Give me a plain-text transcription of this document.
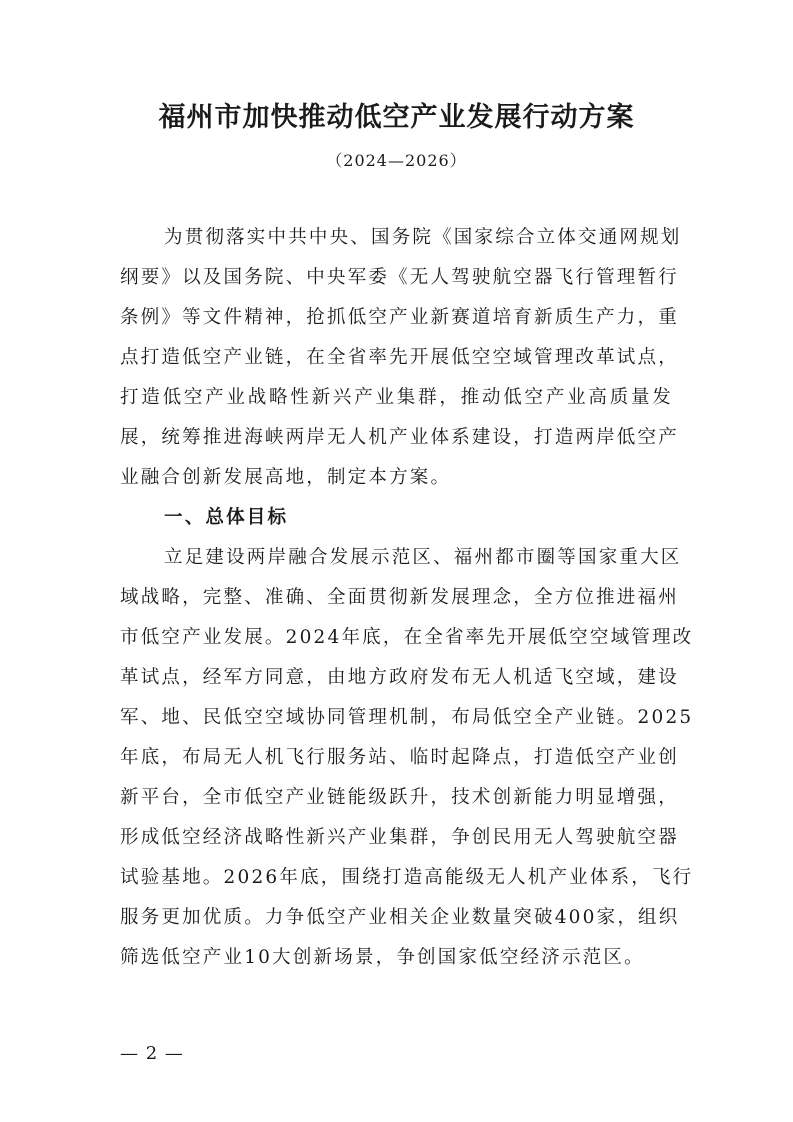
福州市加快推动低空产业发展行动方案
（2024—2026）
为贯彻落实中共中央、国务院《国家综合立体交通网规划
纲要》以及国务院、中央军委《无人驾驶航空器飞行管理暂行
条例》等文件精神，抢抓低空产业新赛道培育新质生产力，重
点打造低空产业链，在全省率先开展低空空域管理改革试点，
打造低空产业战略性新兴产业集群，推动低空产业高质量发
展，统筹推进海峡两岸无人机产业体系建设，打造两岸低空产
业融合创新发展高地，制定本方案。
一、总体目标
立足建设两岸融合发展示范区、福州都市圈等国家重大区
域战略，完整、准确、全面贯彻新发展理念，全方位推进福州
市低空产业发展。2024年底，在全省率先开展低空空域管理改
革试点，经军方同意，由地方政府发布无人机适飞空域，建设
军、地、民低空空域协同管理机制，布局低空全产业链。2025
年底，布局无人机飞行服务站、临时起降点，打造低空产业创
新平台，全市低空产业链能级跃升，技术创新能力明显增强，
形成低空经济战略性新兴产业集群，争创民用无人驾驶航空器
试验基地。2026年底，围绕打造高能级无人机产业体系，飞行
服务更加优质。力争低空产业相关企业数量突破400家，组织
筛选低空产业10大创新场景，争创国家低空经济示范区。
— 2 —
